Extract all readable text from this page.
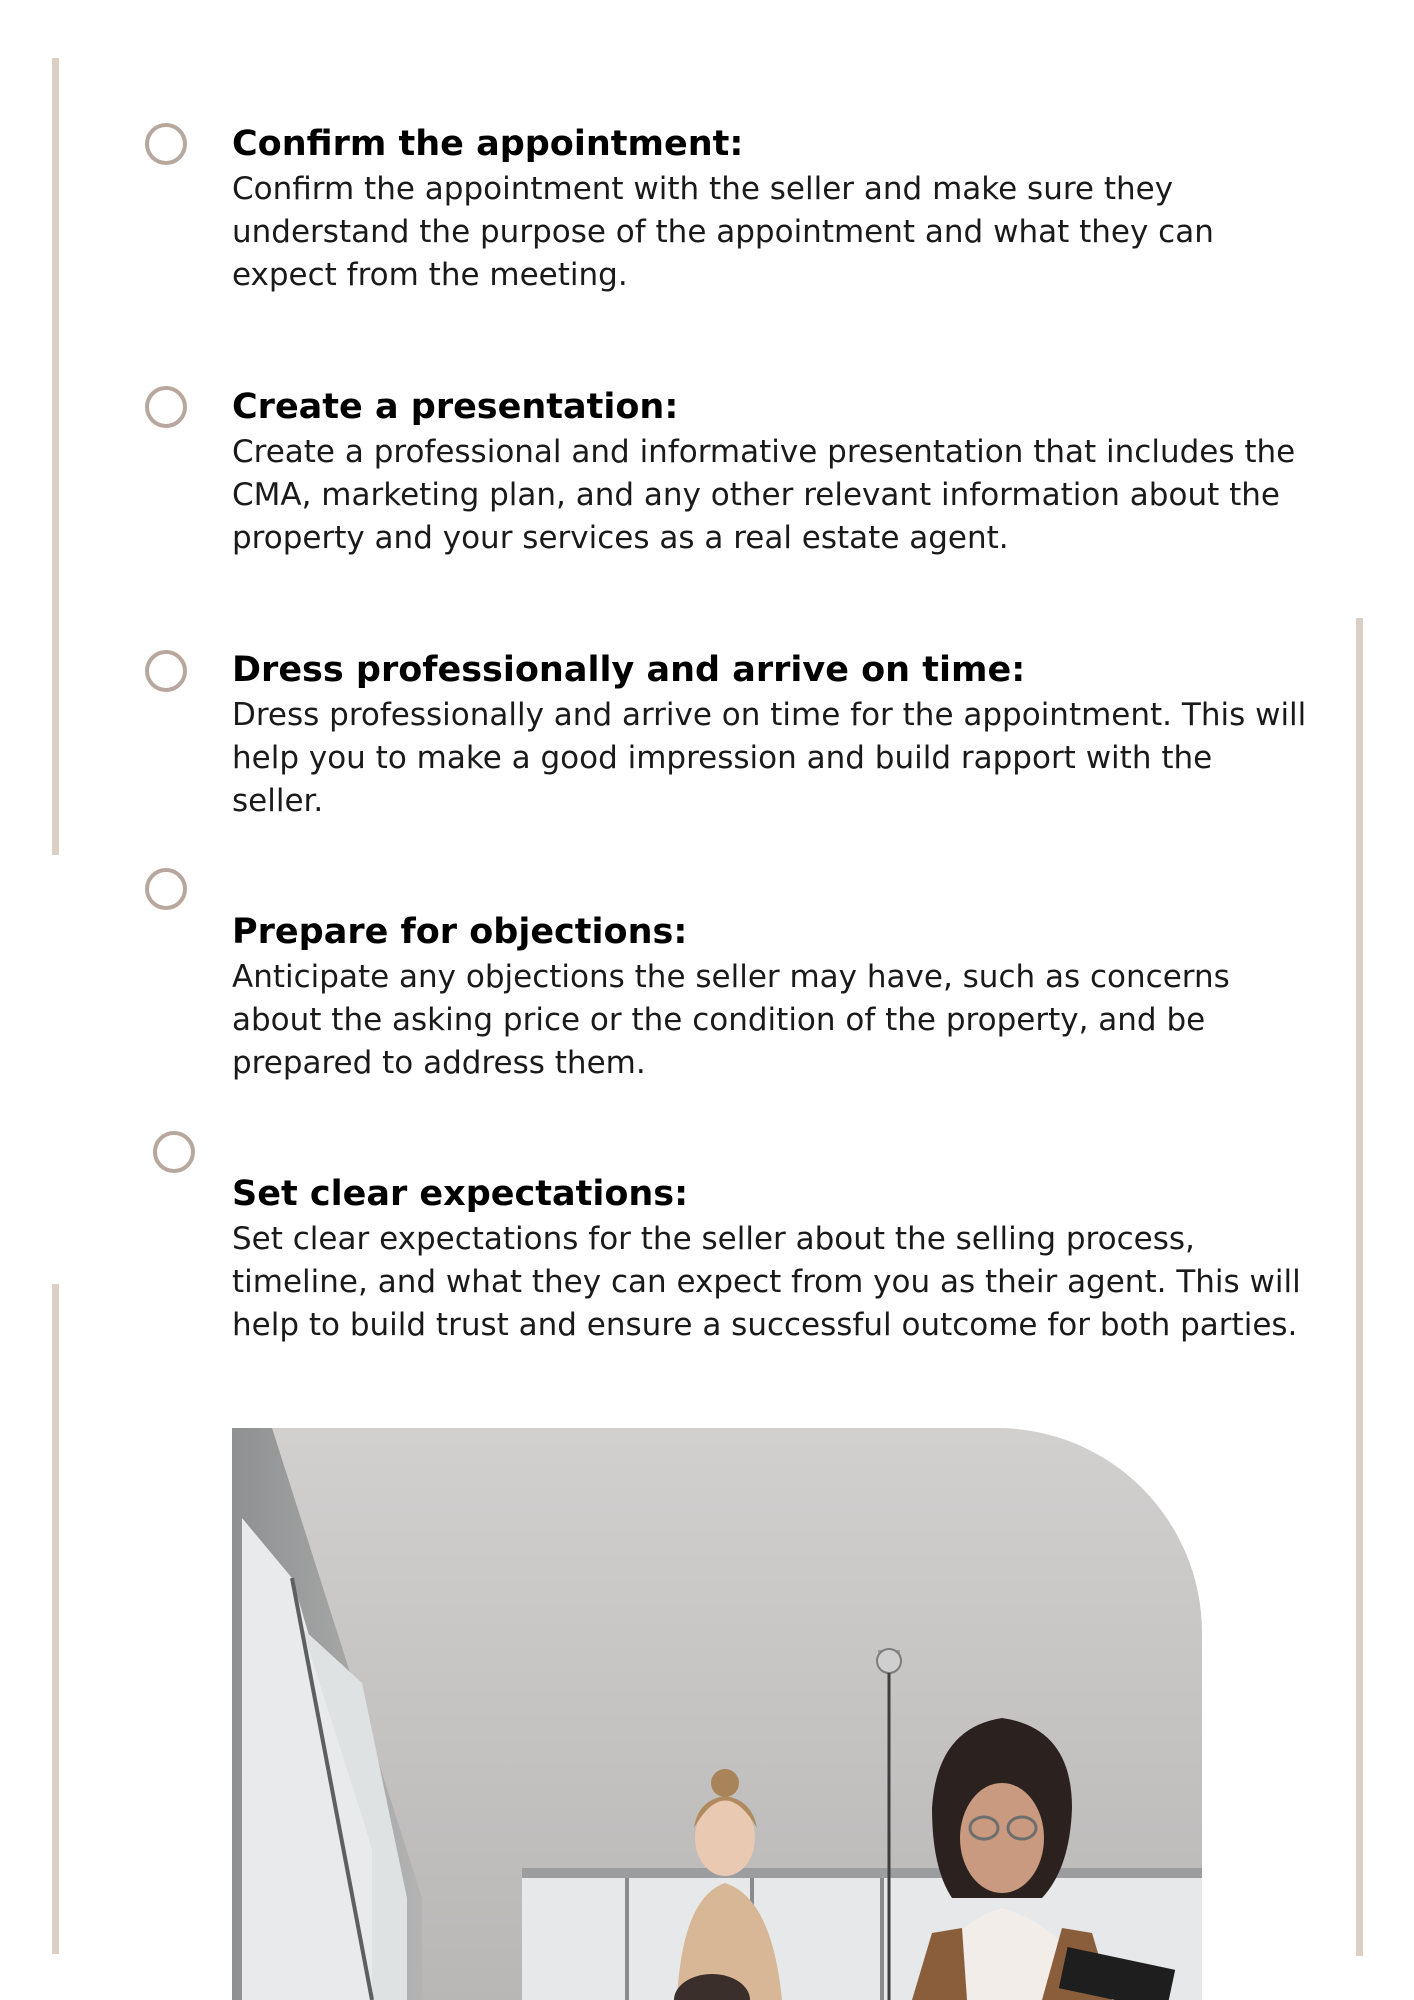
Confirm the appointment:

Confirm the appointment with the seller and make sure they understand the purpose of the appointment and what they can expect from the meeting.

Create a presentation:

Create a professional and informative presentation that includes the CMA, marketing plan, and any other relevant information about the property and your services as a real estate agent.

Dress professionally and arrive on time:

Dress professionally and arrive on time for the appointment. This will help you to make a good impression and build rapport with the seller.

Prepare for objections:

Anticipate any objections the seller may have, such as concerns about the asking price or the condition of the property, and be prepared to address them.

Set clear expectations:

Set clear expectations for the seller about the selling process, timeline, and what they can expect from you as their agent. This will help to build trust and ensure a successful outcome for both parties.
